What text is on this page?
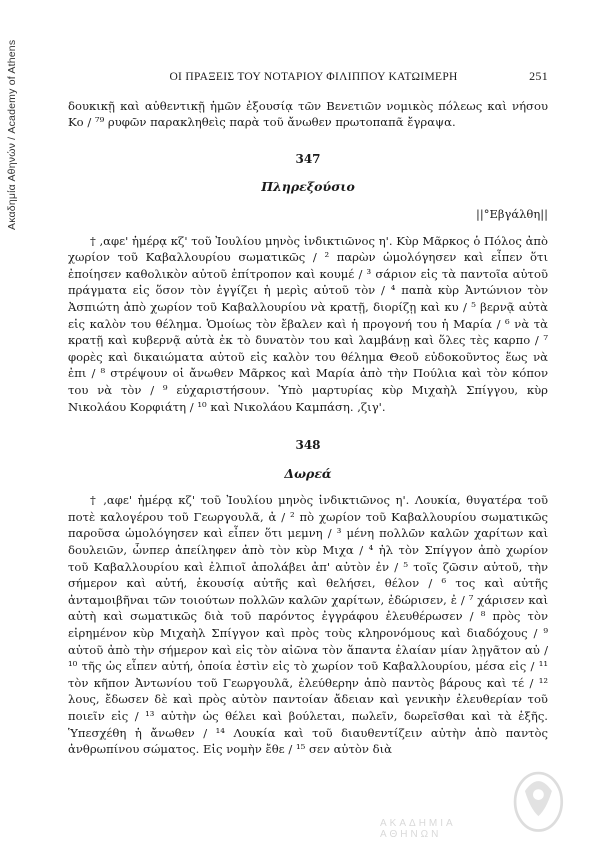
Ακαδημία Αθηνών / Academy of Athens	ΟΙ ΠΡΑΞΕΙΣ ΤΟΥ ΝΟΤΑΡΙΟΥ ΦΙΛΙΠΠΟΥ ΚΑΤΩΙΜΕΡΗ	251

δουκικῇ καὶ αὐθεντικῇ ἡμῶν ἐξουσίᾳ τῶν Βενετιῶν νομικὸς πόλεως καὶ νήσου Κο / ⁷⁹ ρυφῶν παρακληθεὶς παρὰ τοῦ ἄνωθεν πρωτοπαπᾶ ἔγραψα.

347
Πληρεξούσιο
||°Εβγάλθη||

† ,αφε' ἡμέρᾳ κζ' τοῦ Ἰουλίου μηνὸς ἰνδικτιῶνος η'. Κὺρ Μᾶρκος ὁ Πόλος ἀπὸ χωρίον τοῦ Καβαλλουρίου σωματικῶς / ² παρὼν ὡμολόγησεν καὶ εἶπεν ὅτι ἐποίησεν καθολικὸν αὐτοῦ ἐπίτροπον καὶ κουμέ / ³ σάριον εἰς τὰ παντοῖα αὐτοῦ πράγματα εἰς ὅσον τὸν ἐγγίζει ἡ μερὶς αὐτοῦ τὸν / ⁴ παπὰ κὺρ Ἀντώνιον τὸν Ἀσπιώτη ἀπὸ χωρίον τοῦ Καβαλλουρίου νὰ κρατῇ, διορίζῃ καὶ κυ / ⁵ βερνᾷ αὐτὰ εἰς καλὸν του θέλημα. Ὁμοίως τὸν ἔβαλεν καὶ ἡ προγονή του ἡ Μαρία / ⁶ νὰ τὰ κρατῇ καὶ κυβερνᾷ αὐτὰ ἐκ τὸ δυνατὸν του καὶ λαμβάνῃ καὶ ὅλες τὲς καρπο / ⁷ φορὲς καὶ δικαιώματα αὐτοῦ εἰς καλὸν του θέλημα Θεοῦ εὐδοκοῦντος ἕως νὰ ἐπι / ⁸ στρέψουν οἱ ἄνωθεν Μᾶρκος καὶ Μαρία ἀπὸ τὴν Πούλια καὶ τὸν κόπον του νὰ τὸν / ⁹ εὐχαριστήσουν. Ὑπὸ μαρτυρίας κὺρ Μιχαὴλ Σπίγγου, κὺρ Νικολάου Κορφιάτη / ¹⁰ καὶ Νικολάου Καμπάση. ,ζιγ'.

348
Δωρεά

† ,αφε' ἡμέρᾳ κζ' τοῦ Ἰουλίου μηνὸς ἰνδικτιῶνος η'. Λουκία, θυγατέρα τοῦ ποτὲ καλογέρου τοῦ Γεωργουλᾶ, ἀ / ² πὸ χωρίον τοῦ Καβαλλουρίου σωματικῶς παροῦσα ὡμολόγησεν καὶ εἶπεν ὅτι μεμνη / ³ μένη πολλῶν καλῶν χαρίτων καὶ δουλειῶν, ὧνπερ ἀπείληφεν ἀπὸ τὸν κὺρ Μιχα / ⁴ ἠλ τὸν Σπίγγον ἀπὸ χωρίον τοῦ Καβαλλουρίου καὶ ἐλπιοῖ ἀπολάβει ἀπ' αὐτὸν ἐν / ⁵ τοῖς ζῶσιν αὐτοῦ, τὴν σήμερον καὶ αὐτή, ἑκουσίᾳ αὐτῆς καὶ θελήσει, θέλον / ⁶ τος καὶ αὐτῆς ἀνταμοιβῆναι τῶν τοιούτων πολλῶν καλῶν χαρίτων, ἐδώρισεν, ἐ / ⁷ χάρισεν καὶ αὐτὴ καὶ σωματικῶς διὰ τοῦ παρόντος ἐγγράφου ἐλευθέρωσεν / ⁸ πρὸς τὸν εἰρημένον κὺρ Μιχαὴλ Σπίγγον καὶ πρὸς τοὺς κληρονόμους καὶ διαδόχους / ⁹ αὐτοῦ ἀπὸ τὴν σήμερον καὶ εἰς τὸν αἰῶνα τὸν ἅπαντα ἐλαίαν μίαν λῃγᾶτον αὐ / ¹⁰ τῆς ὡς εἶπεν αὐτή, ὁποία ἐστὶν εἰς τὸ χωρίον τοῦ Καβαλλουρίου, μέσα εἰς / ¹¹ τὸν κῆπον Ἀντωνίου τοῦ Γεωργουλᾶ, ἐλεύθερην ἀπὸ παντὸς βάρους καὶ τέ / ¹² λους, ἔδωσεν δὲ καὶ πρὸς αὐτὸν παντοίαν ἄδειαν καὶ γενικὴν ἐλευθερίαν τοῦ ποιεῖν εἰς / ¹³ αὐτὴν ὡς θέλει καὶ βούλεται, πωλεῖν, δωρεῖσθαι καὶ τὰ ἑξῆς. Ὑπεσχέθη ἡ ἄνωθεν / ¹⁴ Λουκία καὶ τοῦ διαυθεντίζειν αὐτὴν ἀπὸ παντὸς ἀνθρωπίνου σώματος. Εἰς νομὴν ἔθε / ¹⁵ σεν αὐτὸν διὰ

ΑΚΑΔΗΜΙΑ ΑΘΗΝΩΝ
